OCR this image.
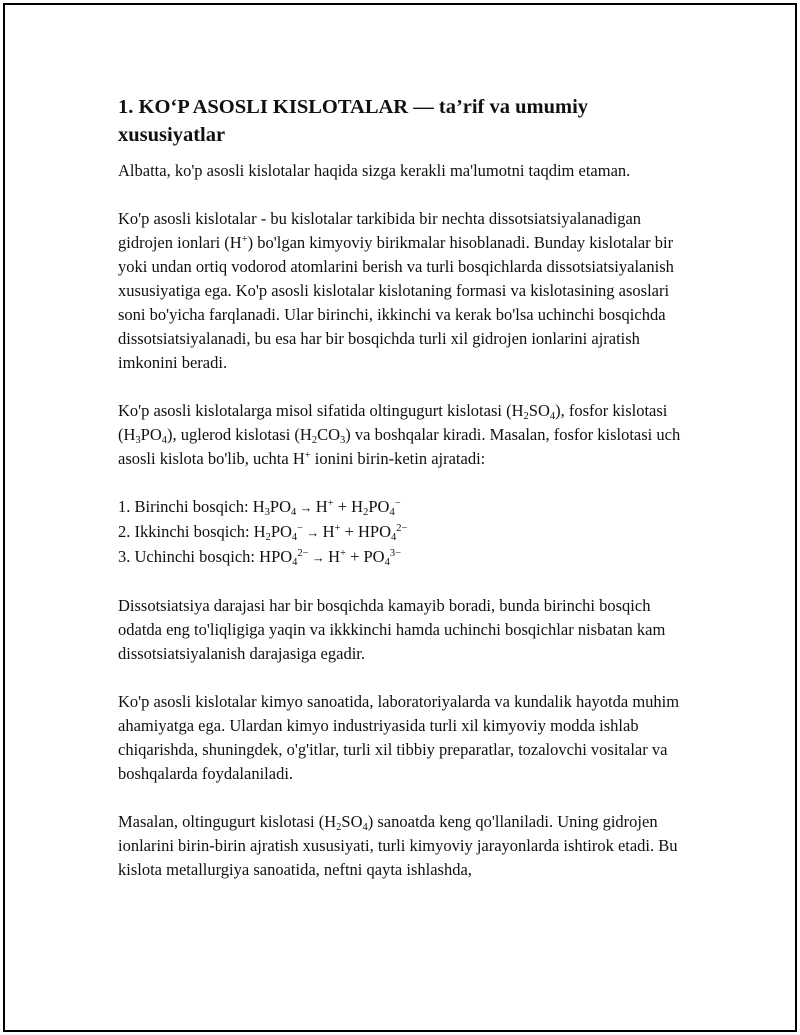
1. KO‘P ASOSLI KISLOTALAR — ta’rif va umumiy xususiyatlar

Albatta, ko'p asosli kislotalar haqida sizga kerakli ma'lumotni taqdim etaman.

Ko'p asosli kislotalar - bu kislotalar tarkibida bir nechta dissotsiatsiyalanadigan gidrojen ionlari (H+) bo'lgan kimyoviy birikmalar hisoblanadi. Bunday kislotalar bir yoki undan ortiq vodorod atomlarini berish va turli bosqichlarda dissotsiatsiyalanish xususiyatiga ega. Ko'p asosli kislotalar kislotaning formasi va kislotasining asoslari soni bo'yicha farqlanadi. Ular birinchi, ikkinchi va kerak bo'lsa uchinchi bosqichda dissotsiatsiyalanadi, bu esa har bir bosqichda turli xil gidrojen ionlarini ajratish imkonini beradi.

Ko'p asosli kislotalarga misol sifatida oltingugurt kislotasi $(H_2SO_4)$, fosfor kislotasi $(H_3PO_4)$, uglerod kislotasi $(H_2CO_3)$ va boshqalar kiradi. Masalan, fosfor kislotasi uch asosli kislota bo'lib, uchta H+ ionini birin-ketin ajratadi:

1. Birinchi bosqich: $H_3PO_4 \to H^+ + H_2PO_4^-$
2. Ikkinchi bosqich: $H_2PO_4^- \to H^+ + HPO_4^{2-}$
3. Uchinchi bosqich: $HPO_4^{2-} \to H^+ + PO_4^{3-}$

Dissotsiatsiya darajasi har bir bosqichda kamayib boradi, bunda birinchi bosqich odatda eng to'liqligiga yaqin va ikkkinchi hamda uchinchi bosqichlar nisbatan kam dissotsiatsiyalanish darajasiga egadir.

Ko'p asosli kislotalar kimyo sanoatida, laboratoriyalarda va kundalik hayotda muhim ahamiyatga ega. Ulardan kimyo industriyasida turli xil kimyoviy modda ishlab chiqarishda, shuningdek, o'g'itlar, turli xil tibbiy preparatlar, tozalovchi vositalar va boshqalarda foydalaniladi.

Masalan, oltingugurt kislotasi $(H_2SO_4)$ sanoatda keng qo'llaniladi. Uning gidrojen ionlarini birin-birin ajratish xususiyati, turli kimyoviy jarayonlarda ishtirok etadi. Bu kislota metallurgiya sanoatida, neftni qayta ishlashda,
